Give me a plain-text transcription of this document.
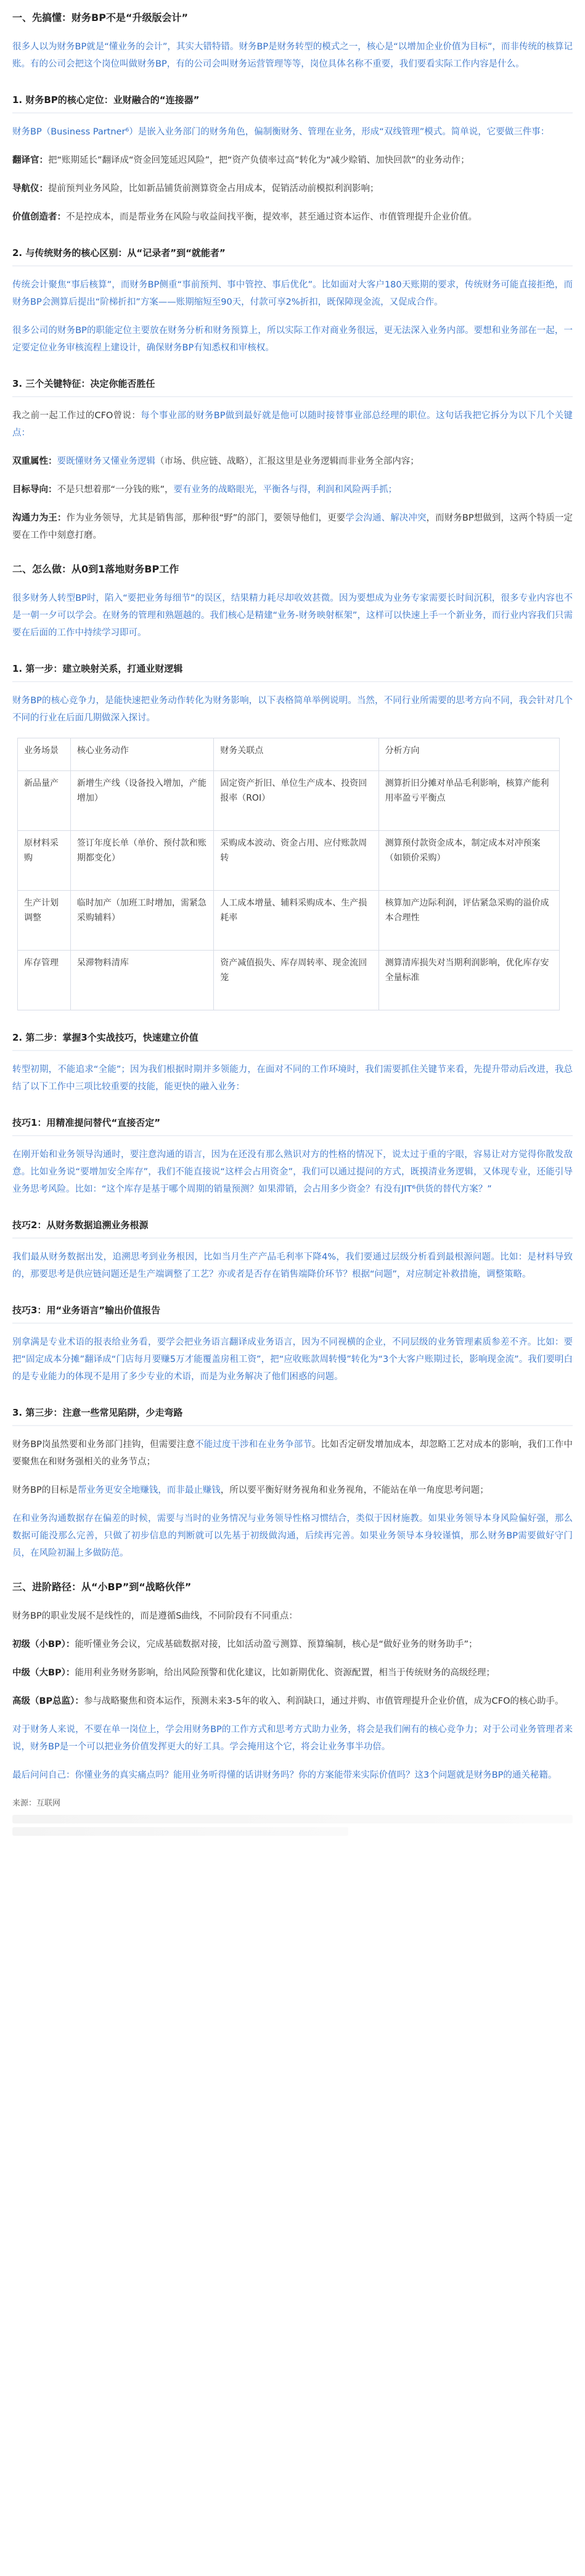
一、先搞懂：财务BP不是“升级版会计”

很多人以为财务BP就是“懂业务的会计”，其实大错特错。财务BP是财务转型的模式之一，核心是“以增加企业价值为目标”，而非传统的核算记账。有的公司会把这个岗位叫做财务BP，有的公司会叫财务运营管理等等，岗位具体名称不重要，我们要看实际工作内容是什么。

1. 财务BP的核心定位：业财融合的“连接器”

财务BP（Business Partner⁶）是嵌入业务部门的财务角色，偏制衡财务、管理在业务，形成“双线管理”模式。简单说，它要做三件事：

翻译官：把“账期延长”翻译成“资金回笼延迟风险”，把“资产负债率过高”转化为“减少赊销、加快回款”的业务动作；

导航仪：提前预判业务风险，比如新品铺货前测算资金占用成本，促销活动前模拟利润影响；

价值创造者：不是控成本，而是帮业务在风险与收益间找平衡，提效率，甚至通过资本运作、市值管理提升企业价值。

2. 与传统财务的核心区别：从“记录者”到“就能者”

传统会计聚焦“事后核算”，而财务BP侧重“事前预判、事中管控、事后优化”。比如面对大客户180天账期的要求，传统财务可能直接拒绝，而财务BP会测算后提出“阶梯折扣”方案——账期缩短至90天，付款可享2%折扣，既保障现金流，又促成合作。

很多公司的财务BP的职能定位主要放在财务分析和财务预算上，所以实际工作对商业务很远，更无法深入业务内部。要想和业务部在一起，一定要定位业务审核流程上建设计，确保财务BP有知悉权和审核权。

3. 三个关键特征：决定你能否胜任

我之前一起工作过的CFO曾说：每个事业部的财务BP做到最好就是他可以随时接替事业部总经理的职位。这句话我把它拆分为以下几个关键点：

双重属性：要既懂财务又懂业务逻辑（市场、供应链、战略），汇报这里是业务逻辑而非业务全部内容；

目标导向：不是只想着那“一分钱的账”，要有业务的战略眼光，平衡各与得，利润和风险两手抓；

沟通力为王：作为业务领导，尤其是销售部，那种很“野”的部门，要领导他们，更要学会沟通、解决冲突，而财务BP想做到，这两个特质一定要在工作中刻意打磨。

二、怎么做：从0到1落地财务BP工作

很多财务人转型BP时，陷入“要把业务每细节”的误区，结果精力耗尽却收效甚微。因为要想成为业务专家需要长时间沉积，很多专业内容也不是一朝一夕可以学会。在财务的管理和熟题越的。我们核心是精建“业务-财务映射框架”，这样可以快速上手一个新业务，而行业内容我们只需要在后面的工作中持续学习即可。

1. 第一步：建立映射关系，打通业财逻辑

财务BP的核心竞争力，是能快速把业务动作转化为财务影响，以下表格简单举例说明。当然，不同行业所需要的思考方向不同，我会针对几个不同的行业在后面几期做深入探讨。

业务场景	核心业务动作	财务关联点	分析方向
新品量产	新增生产线（设备投入增加，产能增加）	固定资产折旧、单位生产成本、投资回报率（ROI）	测算折旧分摊对单品毛利影响，核算产能利用率盈亏平衡点
原材料采购	签订年度长单（单价、预付款和账期都变化）	采购成本波动、资金占用、应付账款周转	测算预付款资金成本，制定成本对冲预案（如锁价采购）
生产计划调整	临时加产（加班工时增加，需紧急采购辅料）	人工成本增量、辅料采购成本、生产损耗率	核算加产边际利润，评估紧急采购的溢价成本合理性
库存管理	呆滞物料清库	资产减值损失、库存周转率、现金流回笼	测算清库损失对当期利润影响，优化库存安全量标准
2. 第二步：掌握3个实战技巧，快速建立价值

转型初期，不能追求“全能”；因为我们根据时期并多领能力，在面对不同的工作环境时，我们需要抓住关键节来看，先提升带动后改进，我总结了以下工作中三项比较重要的技能，能更快的融入业务：

技巧1：用精准提问替代“直接否定”

在刚开始和业务领导沟通时，要注意沟通的语言，因为在还没有那么熟识对方的性格的情况下，说太过于重的字眼，容易让对方觉得你散发敌意。比如业务说“要增加安全库存”，我们不能直接说“这样会占用资金”，我们可以通过提问的方式，既摸清业务逻辑，又体现专业，还能引导业务思考风险。比如：“这个库存是基于哪个周期的销量预测？如果滞销，会占用多少资金？有没有JIT⁶供货的替代方案？”

技巧2：从财务数据追溯业务根源

我们最从财务数据出发，追溯思考到业务根因，比如当月生产产品毛利率下降4%，我们要通过层级分析看到最根源问题。比如：是材料导致的，那要思考是供应链问题还是生产端调整了工艺？亦或者是否存在销售端降价环节？根据“问题”，对应制定补救措施，调整策略。

技巧3：用“业务语言”输出价值报告

别拿满是专业术语的报表给业务看，要学会把业务语言翻译成业务语言，因为不同视横的企业，不同层级的业务管理素质参差不齐。比如：要把“固定成本分摊”翻译成“门店每月要赚5万才能覆盖房租工资”，把“应收账款周转慢”转化为“3个大客户账期过长，影响现金流”。我们要明白的是专业能力的体现不是用了多少专业的术语，而是为业务解决了他们困惑的问题。

3. 第三步：注意一些常见陷阱，少走弯路

财务BP岗虽然要和业务部门挂钩，但需要注意不能过度干涉和在业务争部节。比如否定研发增加成本，却忽略工艺对成本的影响，我们工作中要聚焦在和财务强相关的业务节点；

财务BP的目标是帮业务更安全地赚钱，而非最止赚钱，所以要平衡好财务视角和业务视角，不能站在单一角度思考问题；

在和业务沟通数据存在偏差的时候，需要与当时的业务情况与业务领导性格习惯结合，类似于因材施教。如果业务领导本身风险偏好强，那么数据可能没那么完善，只做了初步信息的判断就可以先基于初级做沟通，后续再完善。如果业务领导本身较谨慎，那么财务BP需要做好守门员，在风险初漏上多做防范。

三、进阶路径：从“小BP”到“战略伙伴”

财务BP的职业发展不是线性的，而是遵循S曲线，不同阶段有不同重点：

初级（小BP）：能听懂业务会议，完成基础数据对接，比如活动盈亏测算、预算编制，核心是“做好业务的财务助手”；

中级（大BP）：能用利业务财务影响，给出风险预警和优化建议，比如新期优化、资源配置，相当于传统财务的高级经理；

高级（BP总监）：参与战略聚焦和资本运作，预测未来3-5年的收入、利润缺口，通过并购、市值管理提升企业价值，成为CFO的核心助手。

对于财务人来说，不要在单一岗位上，学会用财务BP的工作方式和思考方式助力业务，将会是我们阐有的核心竞争力；对于公司业务管理者来说，财务BP是一个可以把业务价值发挥更大的好工具。学会掩用这个它，将会让业务事半功倍。

最后问问自己：你懂业务的真实痛点吗？能用业务听得懂的话讲财务吗？你的方案能带来实际价值吗？这3个问题就是财务BP的通关秘籍。

来源：互联网
